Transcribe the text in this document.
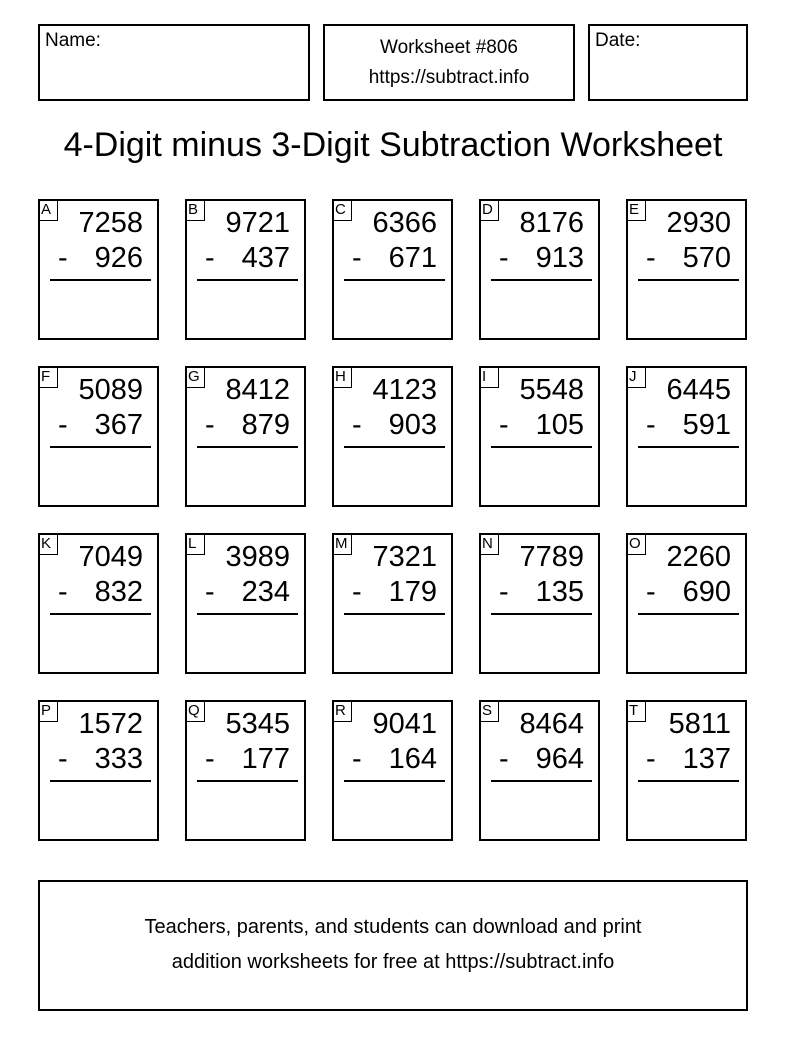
Name:	Worksheet #806
https://subtract.info
Date:
4-Digit minus 3-Digit Subtraction Worksheet
A 7258
- 926
B 9721
- 437
C 6366
- 671
D 8176
- 913
E 2930
- 570
F 5089
- 367
G 8412
- 879
H 4123
- 903
I	5548
- 105
J	6445
- 591
K 7049
- 832
L 3989
- 234
M 7321
- 179
N 7789
- 135
O 2260
- 690
P 1572
- 333
Q 5345
- 177
R 9041
- 164
S 8464
- 964
T 5811
- 137
Teachers, parents, and students can download and print
addition worksheets for free at https://subtract.info
